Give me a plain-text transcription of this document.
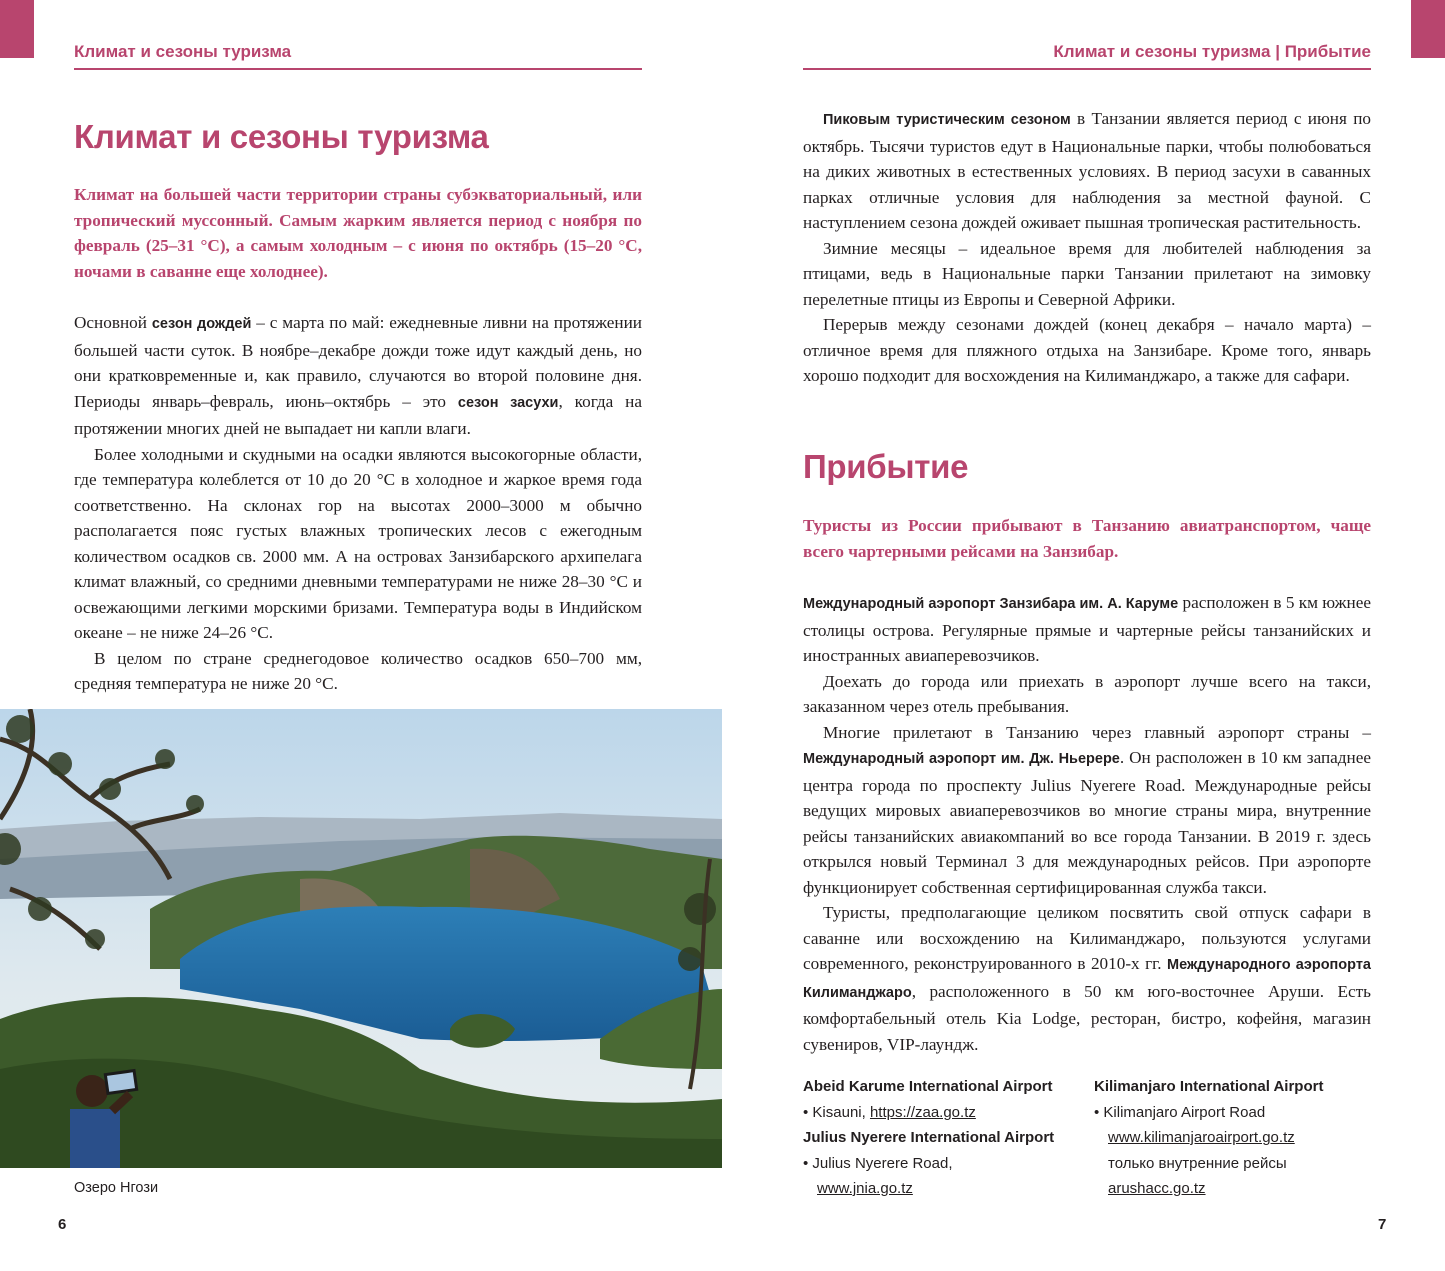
Климат и сезоны туризма
Климат и сезоны туризма

Климат на большей части территории страны субэкваториальный, или тропический муссонный. Самым жарким является период с ноября по февраль (25–31 °С), а самым холодным – с июня по октябрь (15–20 °С, ночами в саванне еще холоднее).

Основной сезон дождей – с марта по май: ежедневные ливни на протяжении большей части суток. В ноябре–декабре дожди тоже идут каждый день, но они кратковременные и, как правило, случаются во второй половине дня. Периоды январь–февраль, июнь–октябрь – это сезон засухи, когда на протяжении многих дней не выпадает ни капли влаги.

Более холодными и скудными на осадки являются высокогорные области, где температура колеблется от 10 до 20 °С в холодное и жаркое время года соответственно. На склонах гор на высотах 2000–3000 м обычно располагается пояс густых влажных тропических лесов с ежегодным количеством осадков св. 2000 мм. А на островах Занзибарского архипелага климат влажный, со средними дневными температурами не ниже 28–30 °С и освежающими легкими морскими бризами. Температура воды в Индийском океане – не ниже 24–26 °С.

В целом по стране среднегодовое количество осадков 650–700 мм, средняя температура не ниже 20 °С.

Озеро Нгози
6
Климат и сезоны туризма | Прибытие

Пиковым туристическим сезоном в Танзании является период с июня по октябрь. Тысячи туристов едут в Национальные парки, чтобы полюбоваться на диких животных в естественных условиях. В период засухи в саванных парках отличные условия для наблюдения за местной фауной. С наступлением сезона дождей оживает пышная тропическая растительность.

Зимние месяцы – идеальное время для любителей наблюдения за птицами, ведь в Национальные парки Танзании прилетают на зимовку перелетные птицы из Европы и Северной Африки.

Перерыв между сезонами дождей (конец декабря – начало марта) – отличное время для пляжного отдыха на Занзибаре. Кроме того, январь хорошо подходит для восхождения на Килиманджаро, а также для сафари.

Прибытие

Туристы из России прибывают в Танзанию авиатранспортом, чаще всего чартерными рейсами на Занзибар.

Международный аэропорт Занзибара им. А. Каруме расположен в 5 км южнее столицы острова. Регулярные прямые и чартерные рейсы танзанийских и иностранных авиаперевозчиков.

Доехать до города или приехать в аэропорт лучше всего на такси, заказанном через отель пребывания.

Многие прилетают в Танзанию через главный аэропорт страны – Международный аэропорт им. Дж. Ньерере. Он расположен в 10 км западнее центра города по проспекту Julius Nyerere Road. Международные рейсы ведущих мировых авиаперевозчиков во многие страны мира, внутренние рейсы танзанийских авиакомпаний во все города Танзании. В 2019 г. здесь открылся новый Терминал 3 для международных рейсов. При аэропорте функционирует собственная сертифицированная служба такси.

Туристы, предполагающие целиком посвятить свой отпуск сафари в саванне или восхождению на Килиманджаро, пользуются услугами современного, реконструированного в 2010-х гг. Международного аэропорта Килиманджаро, расположенного в 50 км юго-восточнее Аруши. Есть комфортабельный отель Kia Lodge, ресторан, бистро, кофейня, магазин сувениров, VIP-лаундж.

Abeid Karume International Airport
• Kisauni, https://zaa.go.tz
Julius Nyerere International Airport
• Julius Nyerere Road,
www.jnia.go.tz
Kilimanjaro International Airport
• Kilimanjaro Airport Road
www.kilimanjaroairport.go.tz
только внутренние рейсы
arushacc.go.tz
7
